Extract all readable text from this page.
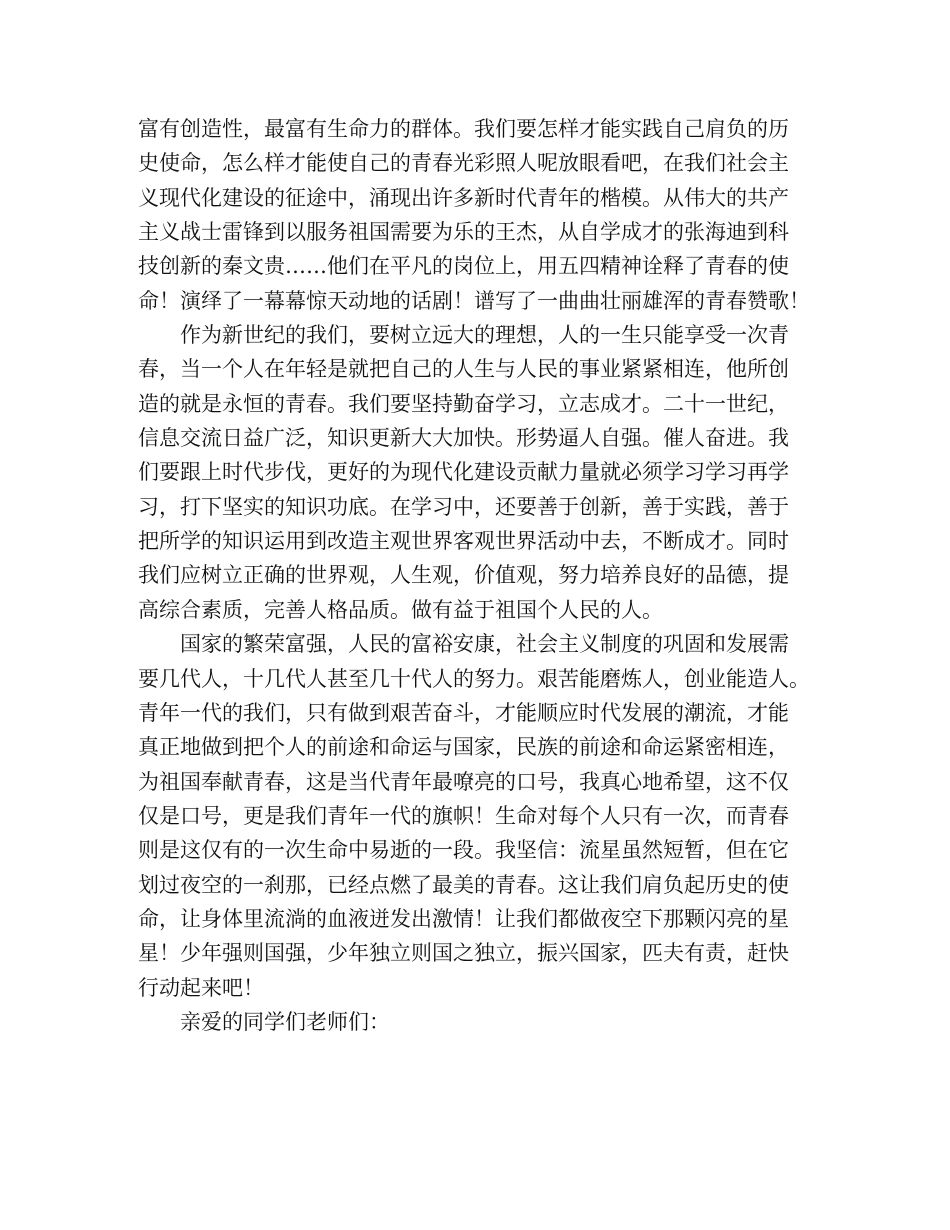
富有创造性，最富有生命力的群体。我们要怎样才能实践自己肩负的历
史使命，怎么样才能使自己的青春光彩照人呢放眼看吧，在我们社会主
义现代化建设的征途中，涌现出许多新时代青年的楷模。从伟大的共产
主义战士雷锋到以服务祖国需要为乐的王杰，从自学成才的张海迪到科
技创新的秦文贵……他们在平凡的岗位上，用五四精神诠释了青春的使
命！演绎了一幕幕惊天动地的话剧！谱写了一曲曲壮丽雄浑的青春赞歌！
作为新世纪的我们，要树立远大的理想，人的一生只能享受一次青
春，当一个人在年轻是就把自己的人生与人民的事业紧紧相连，他所创
造的就是永恒的青春。我们要坚持勤奋学习，立志成才。二十一世纪，
信息交流日益广泛，知识更新大大加快。形势逼人自强。催人奋进。我
们要跟上时代步伐，更好的为现代化建设贡献力量就必须学习学习再学
习，打下坚实的知识功底。在学习中，还要善于创新，善于实践，善于
把所学的知识运用到改造主观世界客观世界活动中去，不断成才。同时
我们应树立正确的世界观，人生观，价值观，努力培养良好的品德，提
高综合素质，完善人格品质。做有益于祖国个人民的人。
国家的繁荣富强，人民的富裕安康，社会主义制度的巩固和发展需
要几代人，十几代人甚至几十代人的努力。艰苦能磨炼人，创业能造人。
青年一代的我们，只有做到艰苦奋斗，才能顺应时代发展的潮流，才能
真正地做到把个人的前途和命运与国家，民族的前途和命运紧密相连，
为祖国奉献青春，这是当代青年最嘹亮的口号，我真心地希望，这不仅
仅是口号，更是我们青年一代的旗帜！生命对每个人只有一次，而青春
则是这仅有的一次生命中易逝的一段。我坚信：流星虽然短暂，但在它
划过夜空的一刹那，已经点燃了最美的青春。这让我们肩负起历史的使
命，让身体里流淌的血液迸发出激情！让我们都做夜空下那颗闪亮的星
星！少年强则国强，少年独立则国之独立，振兴国家，匹夫有责，赶快
行动起来吧！
亲爱的同学们老师们：
